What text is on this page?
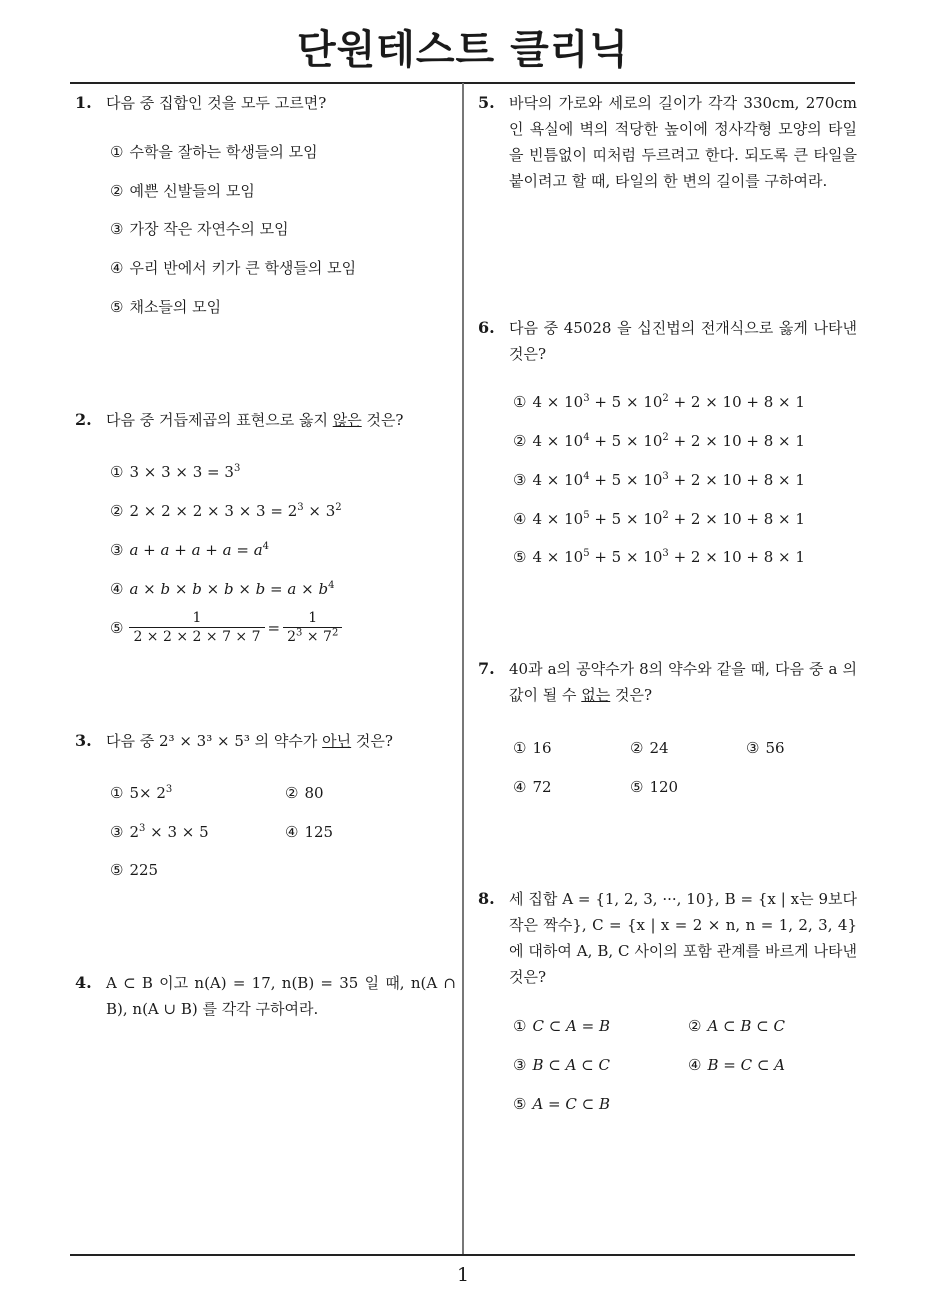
단원테스트 클리닉
1
1. 다음 중 집합인 것을 모두 고르면?
① 수학을 잘하는 학생들의 모임
② 예쁜 신발들의 모임
③ 가장 작은 자연수의 모임
④ 우리 반에서 키가 큰 학생들의 모임
⑤ 채소들의 모임
2. 다음 중 거듭제곱의 표현으로 옳지 않은 것은?
① $3 \times 3 \times 3 = 3^3$
② $2 \times 2 \times 2 \times 3 \times 3 = 2^3 \times 3^2$
③ $a + a + a + a = a^4$
④ $a \times b \times b \times b \times b = a \times b^4$
⑤ $\frac{1}{2 \times 2 \times 2 \times 7 \times 7} = \frac{1}{2^3 \times 7^2}$
3. 다음 중 2³ × 3³ × 5³ 의 약수가 아닌 것은?
① $5\times 2^3$	② 80
③ $2^3 \times 3 \times 5$	④ 125
⑤ 225
4. A ⊂ B 이고 n(A) = 17, n(B) = 35 일 때, n(A ∩ B), n(A ∪ B) 를 각각 구하여라.
5. 바닥의 가로와 세로의 길이가 각각 330cm, 270cm 인 욕실에 벽의 적당한 높이에 정사각형 모양의 타일을 빈틈없이 띠처럼 두르려고 한다. 되도록 큰 타일을 붙이려고 할 때, 타일의 한 변의 길이를 구하여라.
6. 다음 중 45028 을 십진법의 전개식으로 옳게 나타낸 것은?
① $4 \times 10^3 + 5 \times 10^2 + 2 \times 10 + 8 \times 1$
② $4 \times 10^4 + 5 \times 10^2 + 2 \times 10 + 8 \times 1$
③ $4 \times 10^4 + 5 \times 10^3 + 2 \times 10 + 8 \times 1$
④ $4 \times 10^5 + 5 \times 10^2 + 2 \times 10 + 8 \times 1$
⑤ $4 \times 10^5 + 5 \times 10^3 + 2 \times 10 + 8 \times 1$
7. 40과 a의 공약수가 8의 약수와 같을 때, 다음 중 a 의 값이 될 수 없는 것은?
① 16	② 24	③ 56
④ 72	⑤ 120
8. 세 집합 A = {1, 2, 3, ···, 10}, B = {x | x는 9보다 작은 짝수}, C = {x | x = 2 × n, n = 1, 2, 3, 4} 에 대하여 A, B, C 사이의 포함 관계를 바르게 나타낸 것은?
① C ⊂ A = B	② A ⊂ B ⊂ C
③ B ⊂ A ⊂ C	④ B = C ⊂ A
⑤ A = C ⊂ B
